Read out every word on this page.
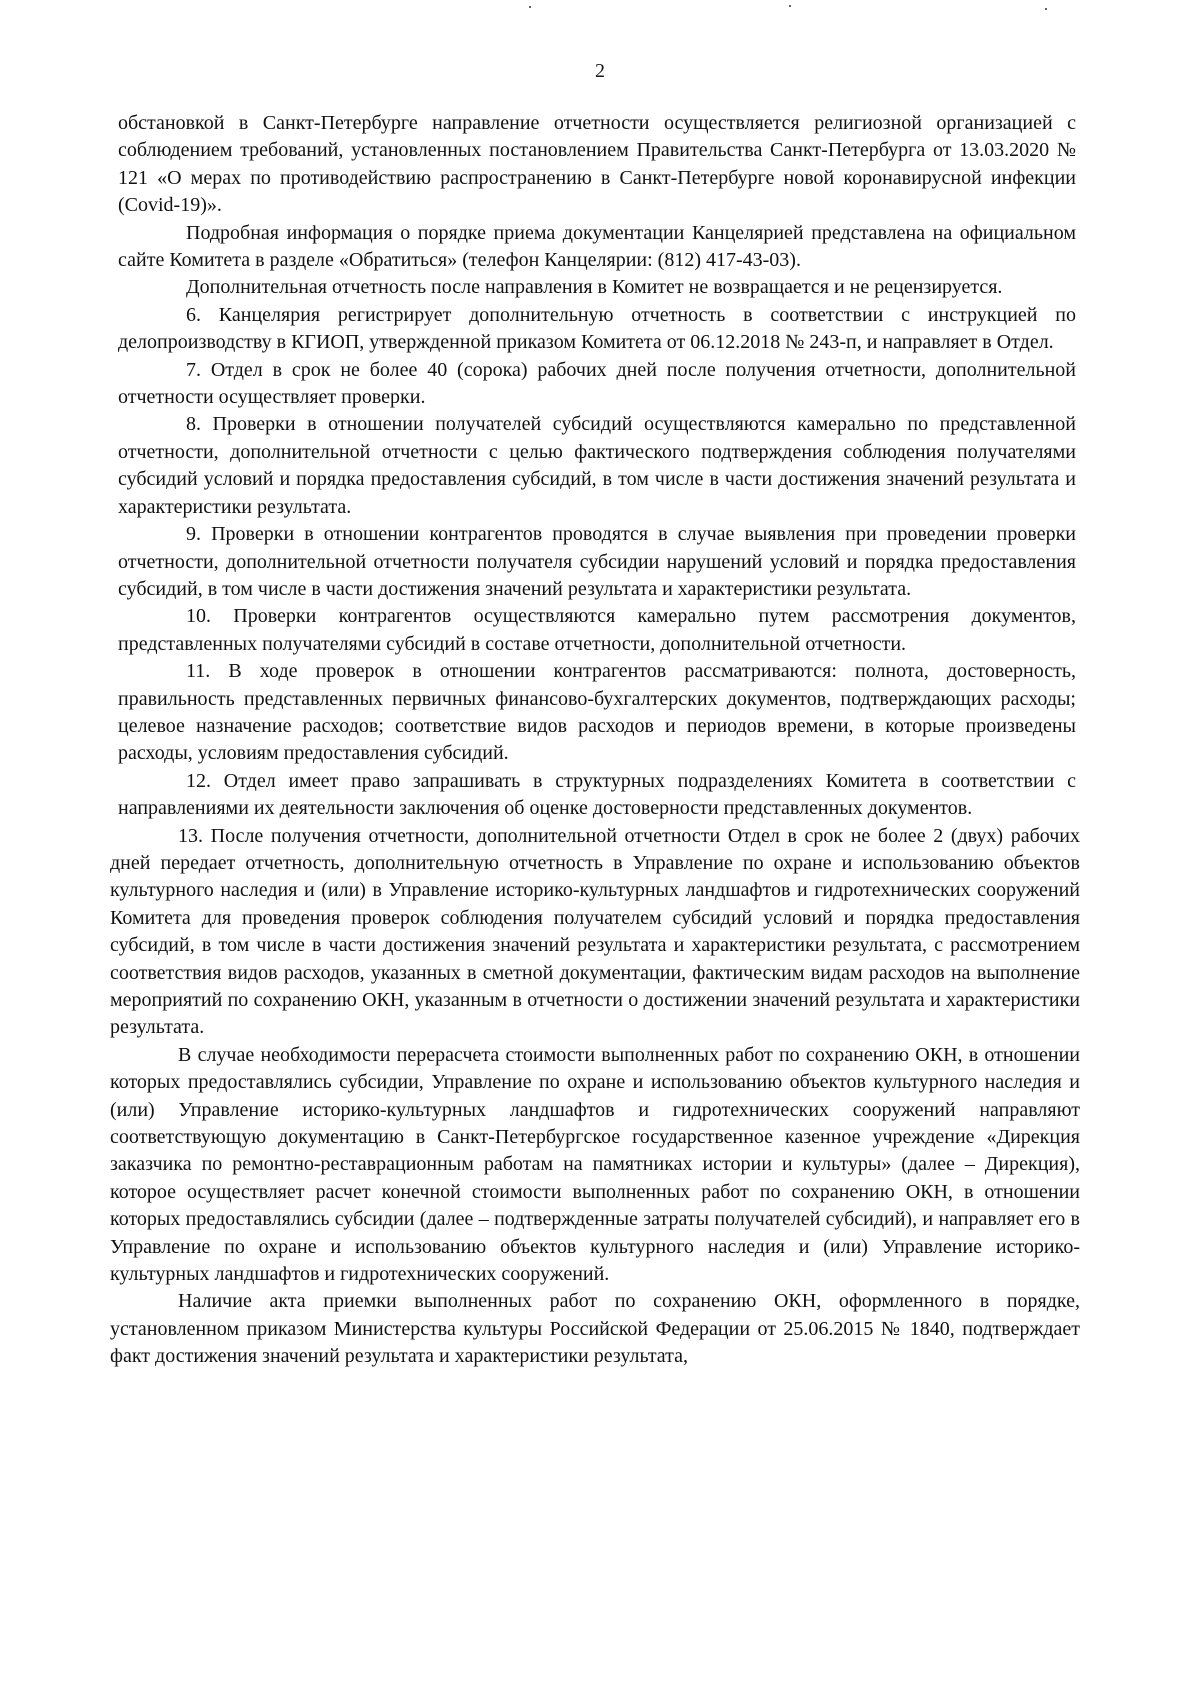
2

обстановкой в Санкт-Петербурге направление отчетности осуществляется религиозной организацией с соблюдением требований, установленных постановлением Правительства Санкт-Петербурга от 13.03.2020 № 121 «О мерах по противодействию распространению в Санкт-Петербурге новой коронавирусной инфекции (Covid-19)».

Подробная информация о порядке приема документации Канцелярией представлена на официальном сайте Комитета в разделе «Обратиться» (телефон Канцелярии: (812) 417-43-03).

Дополнительная отчетность после направления в Комитет не возвращается и не рецензируется.

6. Канцелярия регистрирует дополнительную отчетность в соответствии с инструкцией по делопроизводству в КГИОП, утвержденной приказом Комитета от 06.12.2018 № 243-п, и направляет в Отдел.

7. Отдел в срок не более 40 (сорока) рабочих дней после получения отчетности, дополнительной отчетности осуществляет проверки.

8. Проверки в отношении получателей субсидий осуществляются камерально по представленной отчетности, дополнительной отчетности с целью фактического подтверждения соблюдения получателями субсидий условий и порядка предоставления субсидий, в том числе в части достижения значений результата и характеристики результата.

9. Проверки в отношении контрагентов проводятся в случае выявления при проведении проверки отчетности, дополнительной отчетности получателя субсидии нарушений условий и порядка предоставления субсидий, в том числе в части достижения значений результата и характеристики результата.

10. Проверки контрагентов осуществляются камерально путем рассмотрения документов, представленных получателями субсидий в составе отчетности, дополнительной отчетности.

11. В ходе проверок в отношении контрагентов рассматриваются: полнота, достоверность, правильность представленных первичных финансово-бухгалтерских документов, подтверждающих расходы; целевое назначение расходов; соответствие видов расходов и периодов времени, в которые произведены расходы, условиям предоставления субсидий.

12. Отдел имеет право запрашивать в структурных подразделениях Комитета в соответствии с направлениями их деятельности заключения об оценке достоверности представленных документов.

13. После получения отчетности, дополнительной отчетности Отдел в срок не более 2 (двух) рабочих дней передает отчетность, дополнительную отчетность в Управление по охране и использованию объектов культурного наследия и (или) в Управление историко-культурных ландшафтов и гидротехнических сооружений Комитета для проведения проверок соблюдения получателем субсидий условий и порядка предоставления субсидий, в том числе в части достижения значений результата и характеристики результата, с рассмотрением соответствия видов расходов, указанных в сметной документации, фактическим видам расходов на выполнение мероприятий по сохранению ОКН, указанным в отчетности о достижении значений результата и характеристики результата.

В случае необходимости перерасчета стоимости выполненных работ по сохранению ОКН, в отношении которых предоставлялись субсидии, Управление по охране и использованию объектов культурного наследия и (или) Управление историко-культурных ландшафтов и гидротехнических сооружений направляют соответствующую документацию в Санкт-Петербургское государственное казенное учреждение «Дирекция заказчика по ремонтно-реставрационным работам на памятниках истории и культуры» (далее – Дирекция), которое осуществляет расчет конечной стоимости выполненных работ по сохранению ОКН, в отношении которых предоставлялись субсидии (далее – подтвержденные затраты получателей субсидий), и направляет его в Управление по охране и использованию объектов культурного наследия и (или) Управление историко-культурных ландшафтов и гидротехнических сооружений.

Наличие акта приемки выполненных работ по сохранению ОКН, оформленного в порядке, установленном приказом Министерства культуры Российской Федерации от 25.06.2015 № 1840, подтверждает факт достижения значений результата и характеристики результата,
